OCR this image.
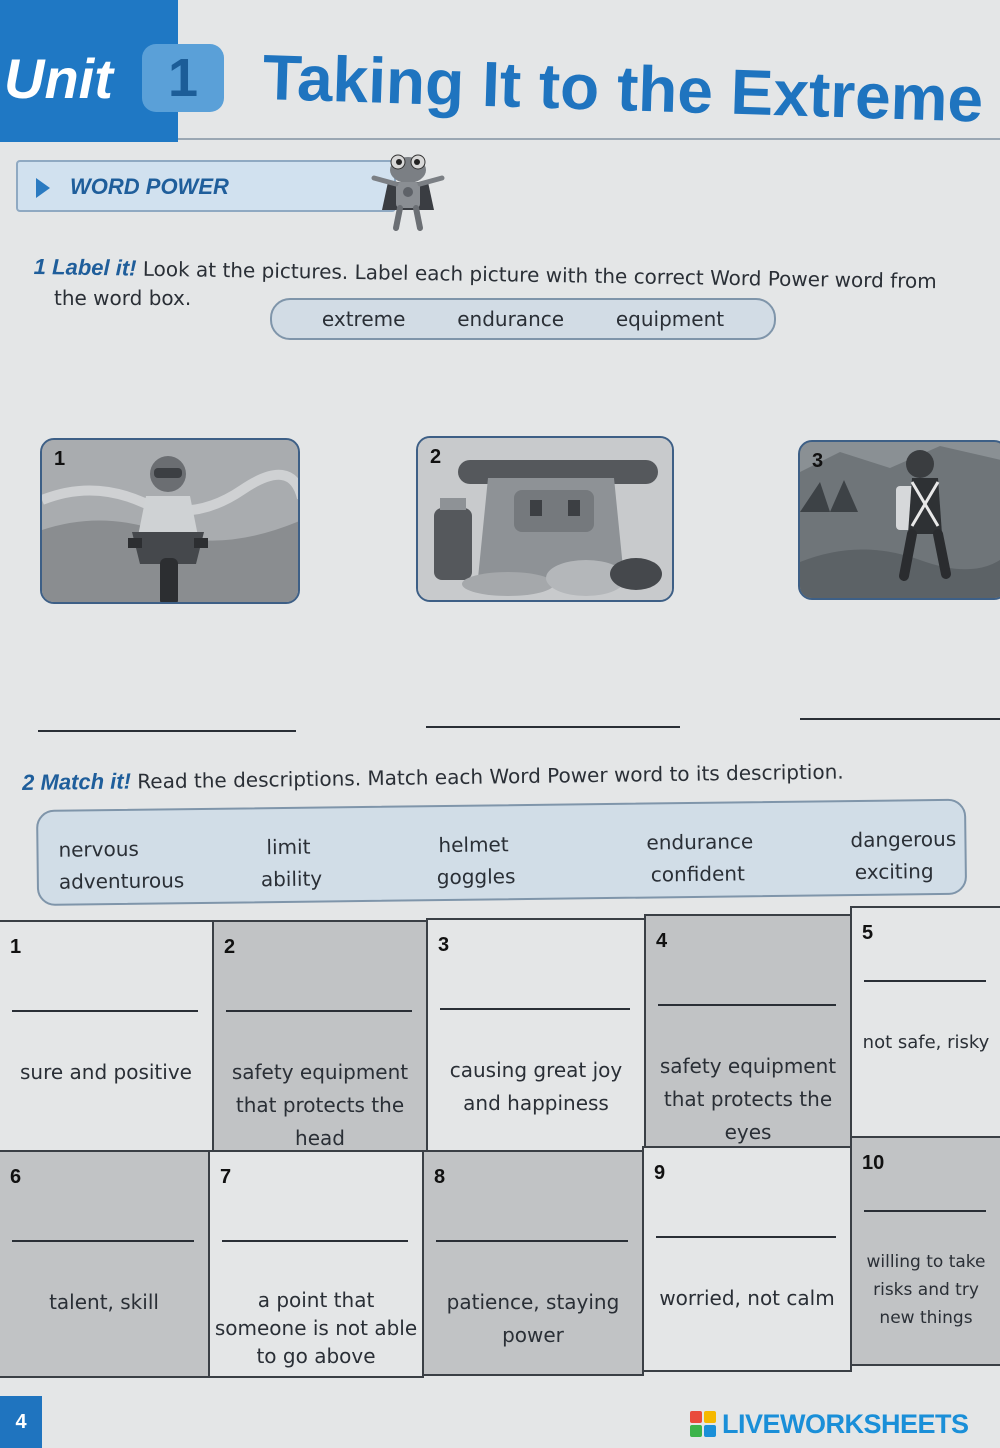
Unit	1 Taking It to the Extreme
WORD POWER
1 Label it! Look at the pictures. Label each picture with the correct Word Power word from
the word box.
extreme	endurance	equipment
1	2	3
2 Match it! Read the descriptions. Match each Word Power word to its description.
nervous	limit	helmet	endurance	dangerous
adventurous	ability	goggles	confident	exciting
1
sure and positive
2
safety equipment that protects the head
3
causing great joy and happiness
4
safety equipment that protects the eyes
5
not safe, risky
6
talent, skill
7
a point that someone is not able to go above
8
patience, staying power
9
worried, not calm
10
willing to take risks and try new things
4	LIVEWORKSHEETS
